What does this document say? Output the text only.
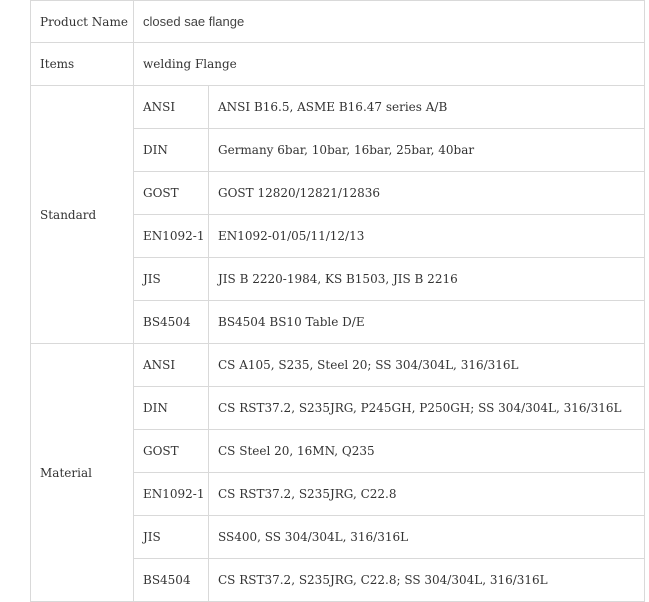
Product Name	closed sae flange	
Items	welding Flange	
Standard	ANSI	ANSI B16.5, ASME B16.47 series A/B
	DIN	Germany 6bar, 10bar, 16bar, 25bar, 40bar
	GOST	GOST 12820/12821/12836
	EN1092-1	EN1092-01/05/11/12/13
	JIS	JIS B 2220-1984, KS B1503, JIS B 2216
	BS4504	BS4504 BS10 Table D/E
Material	ANSI	CS A105, S235, Steel 20; SS 304/304L, 316/316L
	DIN	CS RST37.2, S235JRG, P245GH, P250GH; SS 304/304L, 316/316L
	GOST	CS Steel 20, 16MN, Q235
	EN1092-1	CS RST37.2, S235JRG, C22.8
	JIS	SS400, SS 304/304L, 316/316L
	BS4504	CS RST37.2, S235JRG, C22.8; SS 304/304L, 316/316L
